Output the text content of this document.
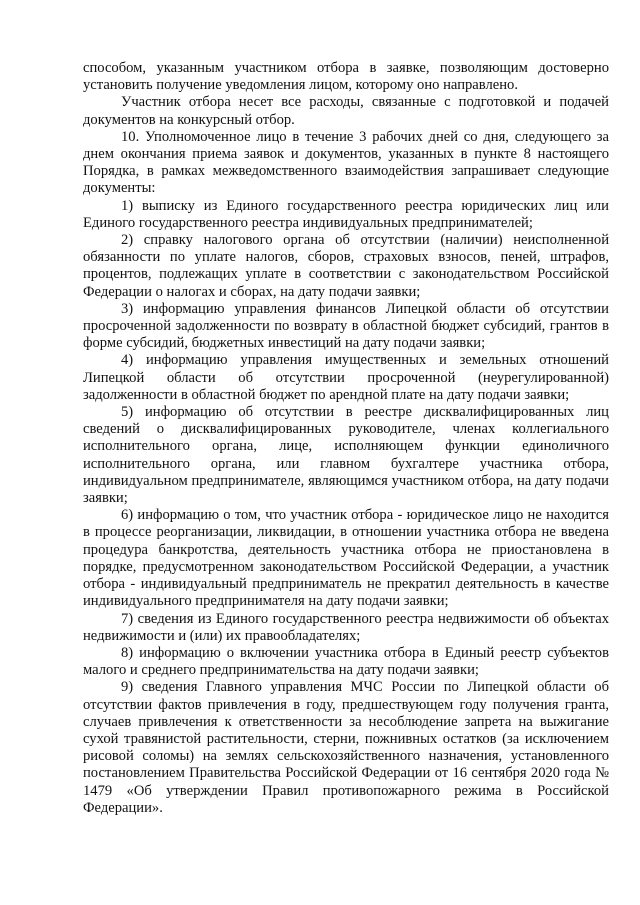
способом, указанным участником отбора в заявке, позволяющим достоверно установить получение уведомления лицом, которому оно направлено.

Участник отбора несет все расходы, связанные с подготовкой и подачей документов на конкурсный отбор.

10. Уполномоченное лицо в течение 3 рабочих дней со дня, следующего за днем окончания приема заявок и документов, указанных в пункте 8 настоящего Порядка, в рамках межведомственного взаимодействия запрашивает следующие документы:

1) выписку из Единого государственного реестра юридических лиц или Единого государственного реестра индивидуальных предпринимателей;

2) справку налогового органа об отсутствии (наличии) неисполненной обязанности по уплате налогов, сборов, страховых взносов, пеней, штрафов, процентов, подлежащих уплате в соответствии с законодательством Российской Федерации о налогах и сборах, на дату подачи заявки;

3) информацию управления финансов Липецкой области об отсутствии просроченной задолженности по возврату в областной бюджет субсидий, грантов в форме субсидий, бюджетных инвестиций на дату подачи заявки;

4) информацию управления имущественных и земельных отношений Липецкой области об отсутствии просроченной (неурегулированной) задолженности в областной бюджет по арендной плате на дату подачи заявки;

5) информацию об отсутствии в реестре дисквалифицированных лиц сведений о дисквалифицированных руководителе, членах коллегиального исполнительного органа, лице, исполняющем функции единоличного исполнительного органа, или главном бухгалтере участника отбора, индивидуальном предпринимателе, являющимся участником отбора, на дату подачи заявки;

6) информацию о том, что участник отбора - юридическое лицо не находится в процессе реорганизации, ликвидации, в отношении участника отбора не введена процедура банкротства, деятельность участника отбора не приостановлена в порядке, предусмотренном законодательством Российской Федерации, а участник отбора - индивидуальный предприниматель не прекратил деятельность в качестве индивидуального предпринимателя на дату подачи заявки;

7) сведения из Единого государственного реестра недвижимости об объектах недвижимости и (или) их правообладателях;

8) информацию о включении участника отбора в Единый реестр субъектов малого и среднего предпринимательства на дату подачи заявки;

9) сведения Главного управления МЧС России по Липецкой области об отсутствии фактов привлечения в году, предшествующем году получения гранта, случаев привлечения к ответственности за несоблюдение запрета на выжигание сухой травянистой растительности, стерни, пожнивных остатков (за исключением рисовой соломы) на землях сельскохозяйственного назначения, установленного постановлением Правительства Российской Федерации от 16 сентября 2020 года № 1479 «Об утверждении Правил противопожарного режима в Российской Федерации».
